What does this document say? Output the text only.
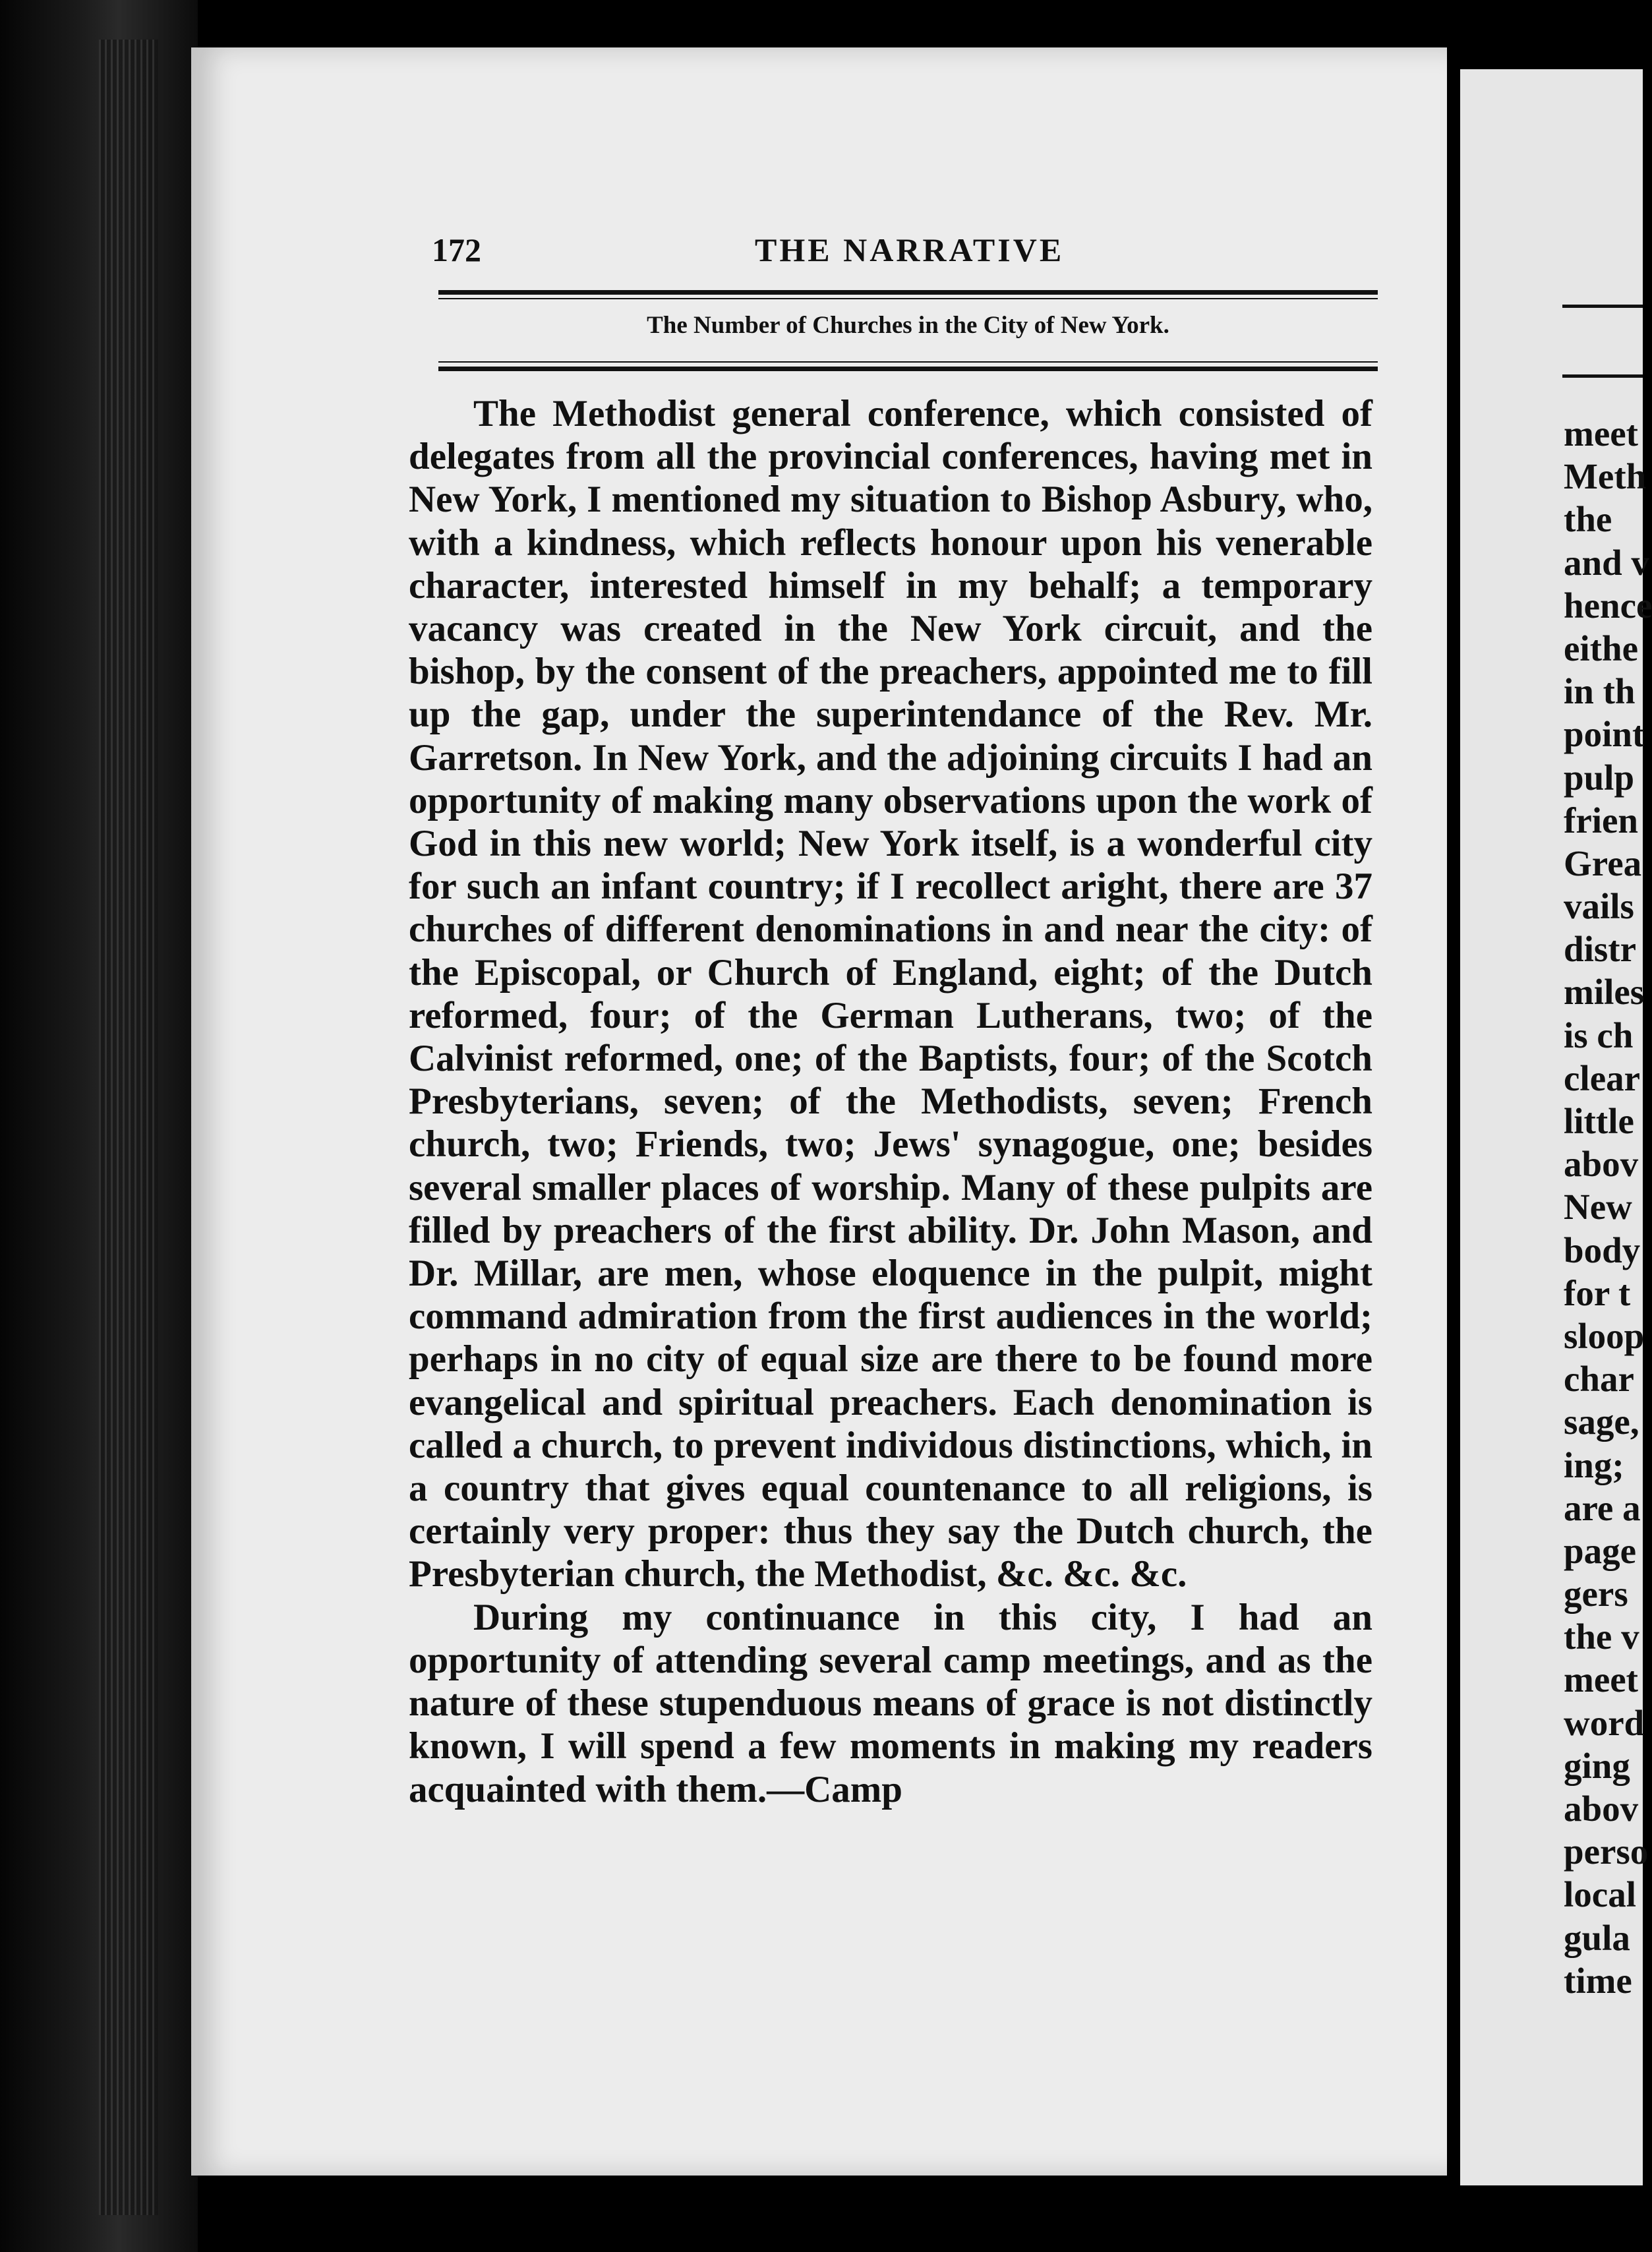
172	THE NARRATIVE
The Number of Churches in the City of New York.

The Methodist general conference, which consisted of delegates from all the provincial conferences, having met in New York, I mentioned my situation to Bishop Asbury, who, with a kindness, which reflects honour upon his venerable character, interested himself in my behalf; a temporary vacancy was created in the New York circuit, and the bishop, by the consent of the preachers, appointed me to fill up the gap, under the superintendance of the Rev. Mr. Garretson. In New York, and the adjoining circuits I had an opportunity of making many observations upon the work of God in this new world; New York itself, is a wonderful city for such an infant country; if I recollect aright, there are 37 churches of different denominations in and near the city: of the Episcopal, or Church of England, eight; of the Dutch reformed, four; of the German Lutherans, two; of the Calvinist reformed, one; of the Baptists, four; of the Scotch Presbyterians, seven; of the Methodists, seven; French church, two; Friends, two; Jews' synagogue, one; besides several smaller places of worship. Many of these pulpits are filled by preachers of the first ability. Dr. John Mason, and Dr. Millar, are men, whose eloquence in the pulpit, might command admiration from the first audiences in the world; perhaps in no city of equal size are there to be found more evangelical and spiritual preachers. Each denomination is called a church, to prevent individous distinctions, which, in a country that gives equal countenance to all religions, is certainly very proper: thus they say the Dutch church, the Presbyterian church, the Methodist, &c. &c. &c.

During my continuance in this city, I had an opportunity of attending several camp meetings, and as the nature of these stupenduous means of grace is not distinctly known, I will spend a few moments in making my readers acquainted with them.—Camp

meet
Meth
the
and v
hence
eithe
in th
point
pulp
frien
Grea
vails
distr
miles
is ch
clear
little
abov
New
body
for t
sloop
char
sage,
ing;
are a
page
gers
the v
meet
word
ging
abov
perso
local
gula
time
